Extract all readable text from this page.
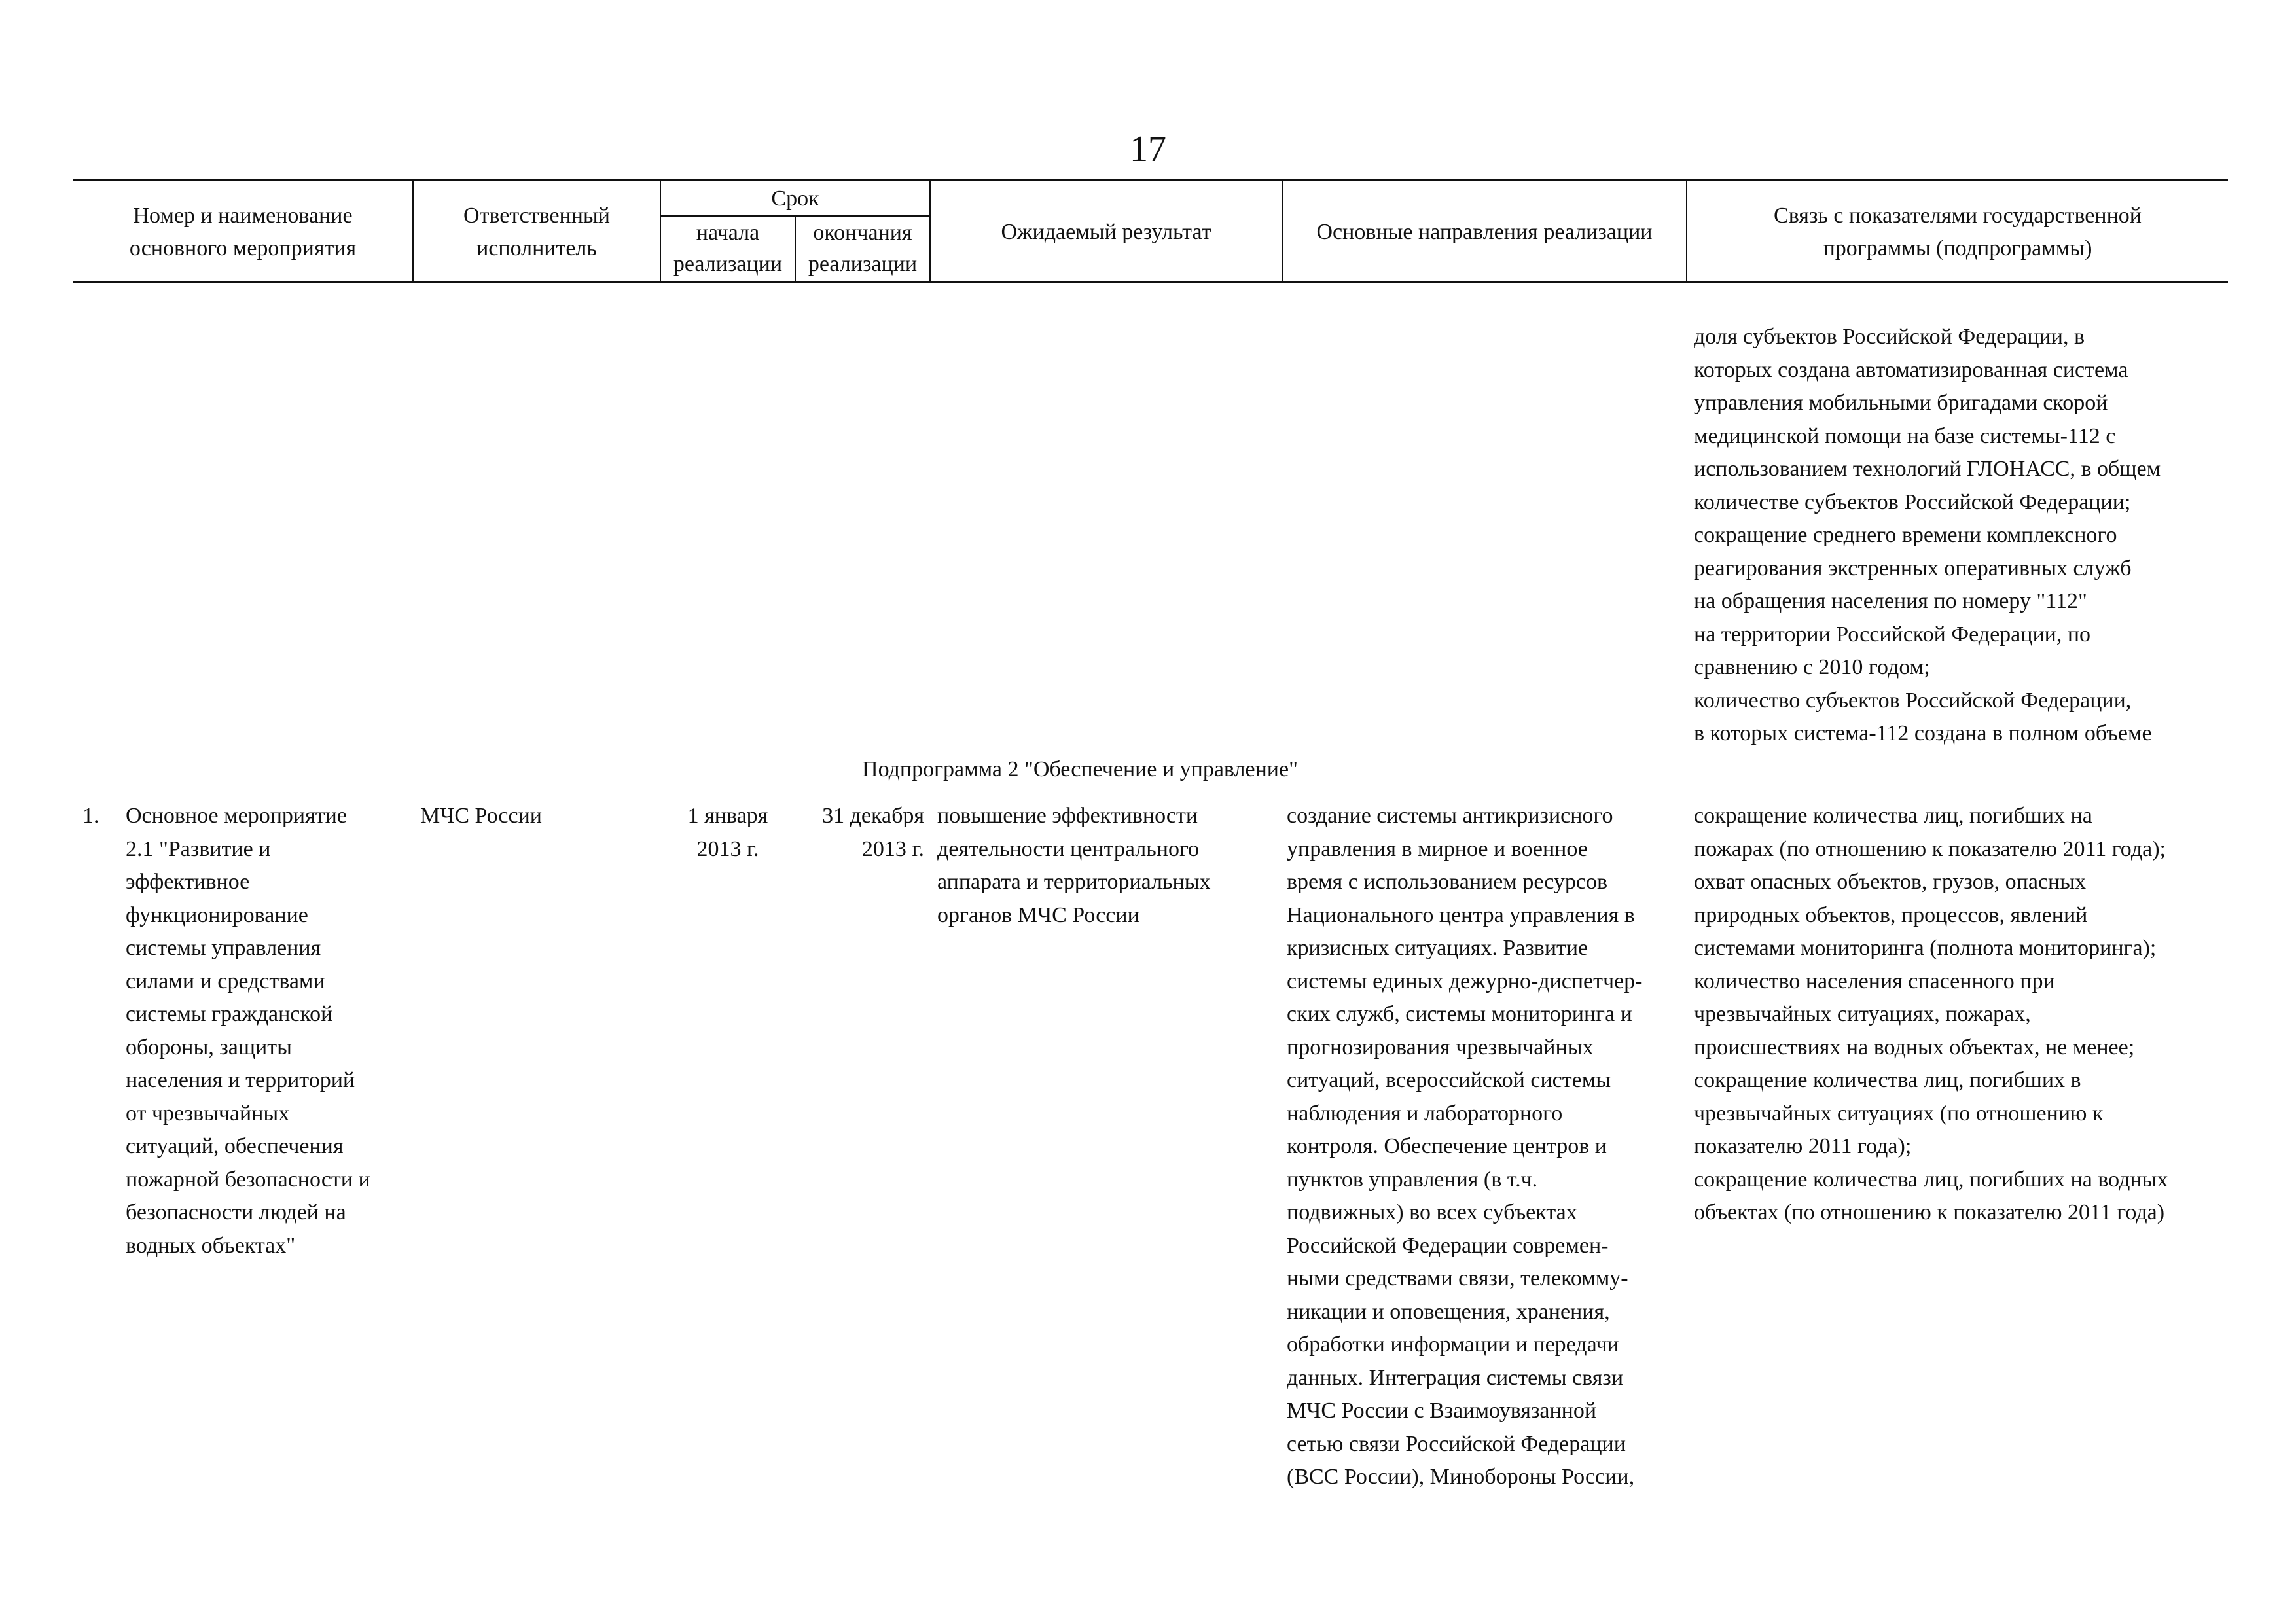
17
Номер и наименование
основного мероприятия
Ответственный
исполнитель
Срок
начала
реализации
окончания
реализации
Ожидаемый результат	Основные направления реализации
Связь с показателями государственной
программы (подпрограммы)
доля субъектов Российской Федерации, в
которых создана автоматизированная система
управления мобильными бригадами скорой
медицинской помощи на базе системы-112 с
использованием технологий ГЛОНАСС, в общем
количестве субъектов Российской Федерации;
сокращение среднего времени комплексного
реагирования экстренных оперативных служб
на обращения населения по номеру "112"
на территории Российской Федерации, по
сравнению с 2010 годом;
количество субъектов Российской Федерации,
в которых система-112 создана в полном объеме
Подпрограмма 2 "Обеспечение и управление"
1. Основное мероприятие
2.1 "Развитие и
эффективное
функционирование
системы управления
силами и средствами
системы гражданской
обороны, защиты
населения и территорий
от чрезвычайных
ситуаций, обеспечения
пожарной безопасности и
безопасности людей на
водных объектах"
МЧС России	1 января
2013 г.
31 декабря
2013 г.
повышение эффективности
деятельности центрального
аппарата и территориальных
органов МЧС России
создание системы антикризисного
управления в мирное и военное
время с использованием ресурсов
Национального центра управления в
кризисных ситуациях. Развитие
системы единых дежурно-диспетчер-
ских служб, системы мониторинга и
прогнозирования чрезвычайных
ситуаций, всероссийской системы
наблюдения и лабораторного
контроля. Обеспечение центров и
пунктов управления (в т.ч.
подвижных) во всех субъектах
Российской Федерации современ-
ными средствами связи, телекомму-
никации и оповещения, хранения,
обработки информации и передачи
данных. Интеграция системы связи
МЧС России с Взаимоувязанной
сетью связи Российской Федерации
(ВСС России), Минобороны России,
сокращение количества лиц, погибших на
пожарах (по отношению к показателю 2011 года);
охват опасных объектов, грузов, опасных
природных объектов, процессов, явлений
системами мониторинга (полнота мониторинга);
количество населения спасенного при
чрезвычайных ситуациях, пожарах,
происшествиях на водных объектах, не менее;
сокращение количества лиц, погибших в
чрезвычайных ситуациях (по отношению к
показателю 2011 года);
сокращение количества лиц, погибших на водных
объектах (по отношению к показателю 2011 года)
